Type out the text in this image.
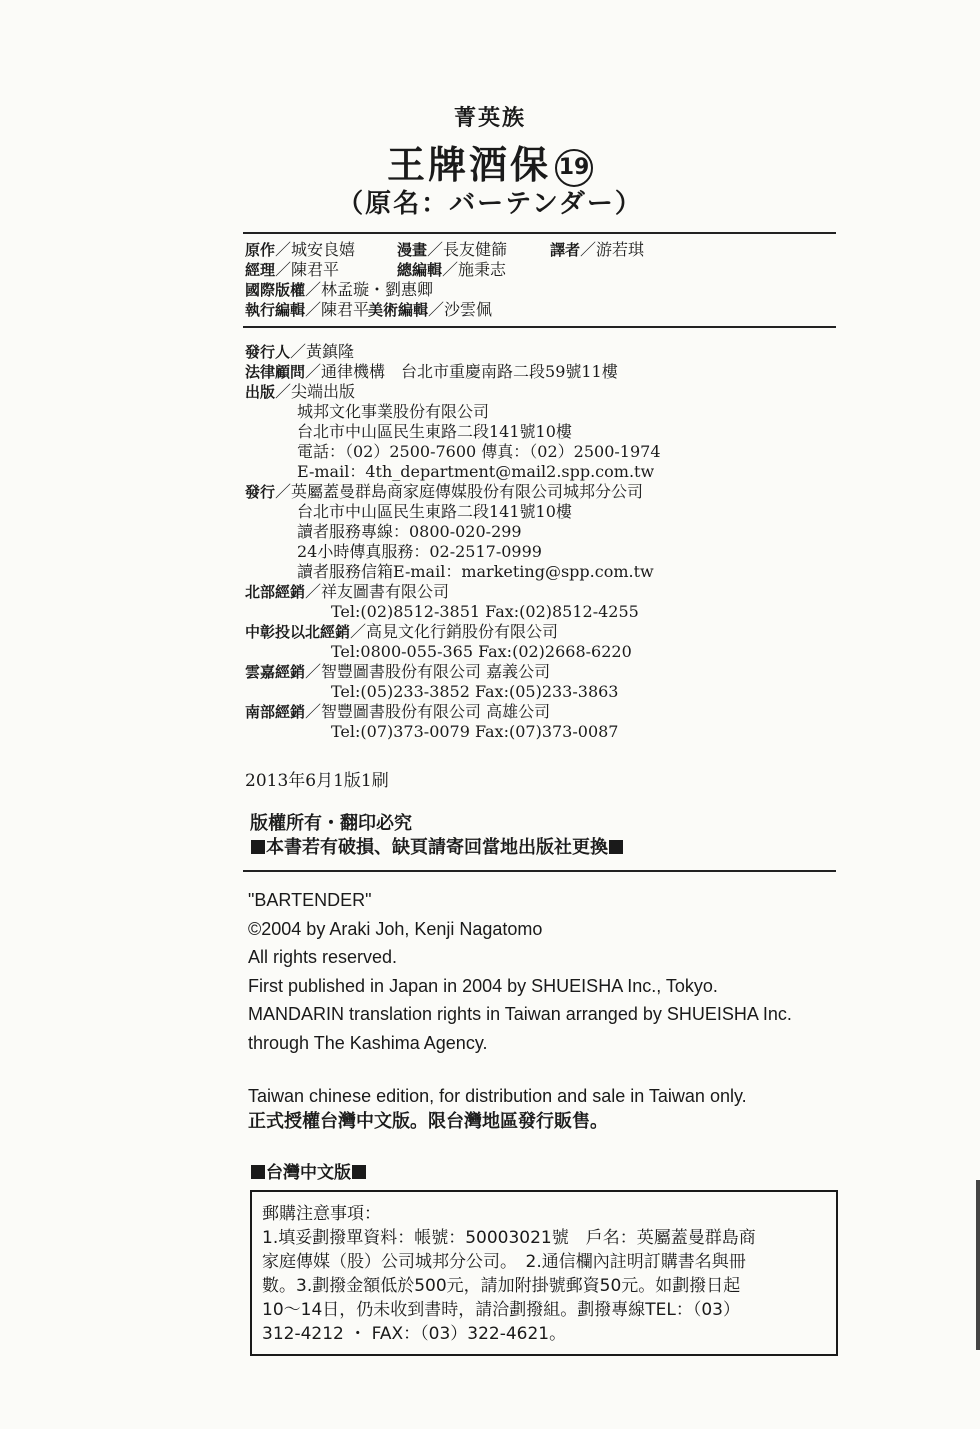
菁英族
王牌酒保 19
（原名：バーテンダー）
原作／城安良嬉	漫畫／長友健篩	譯者／游若琪
經理／陳君平	總編輯／施秉志
國際版權／林孟璇・劉惠卿
執行編輯／陳君平
美術編輯／沙雲佩
發行人／黃鎮隆
法律顧問／通律機構　台北市重慶南路二段59號11樓
出版／尖端出版
城邦文化事業股份有限公司
台北市中山區民生東路二段141號10樓
電話：（02）2500-7600 傳真：（02）2500-1974
E-mail：4th_department@mail2.spp.com.tw
發行／英屬蓋曼群島商家庭傳媒股份有限公司城邦分公司
台北市中山區民生東路二段141號10樓
讀者服務專線：0800-020-299
24小時傳真服務：02-2517-0999
讀者服務信箱E-mail：marketing@spp.com.tw
北部經銷／祥友圖書有限公司
Tel:(02)8512-3851 Fax:(02)8512-4255
中彰投以北經銷／高見文化行銷股份有限公司
Tel:0800-055-365 Fax:(02)2668-6220
雲嘉經銷／智豐圖書股份有限公司 嘉義公司
Tel:(05)233-3852 Fax:(05)233-3863
南部經銷／智豐圖書股份有限公司 高雄公司
Tel:(07)373-0079 Fax:(07)373-0087
2013年6月1版1刷
版權所有・翻印必究
本書若有破損、缺頁請寄回當地出版社更換
"BARTENDER"
©2004 by Araki Joh, Kenji Nagatomo
All rights reserved.
First published in Japan in 2004 by SHUEISHA Inc., Tokyo.
MANDARIN translation rights in Taiwan arranged by SHUEISHA Inc.
through The Kashima Agency.
Taiwan chinese edition, for distribution and sale in Taiwan only.
正式授權台灣中文版。限台灣地區發行販售。
台灣中文版
郵購注意事項：
1.填妥劃撥單資料：帳號：50003021號　戶名：英屬蓋曼群島商
家庭傳媒（股）公司城邦分公司。　2.通信欄內註明訂購書名與冊
數。3.劃撥金額低於500元，請加附掛號郵資50元。如劃撥日起
10～14日，仍未收到書時，請洽劃撥組。劃撥專線TEL：（03）
312-4212 ・ FAX：（03）322-4621。
